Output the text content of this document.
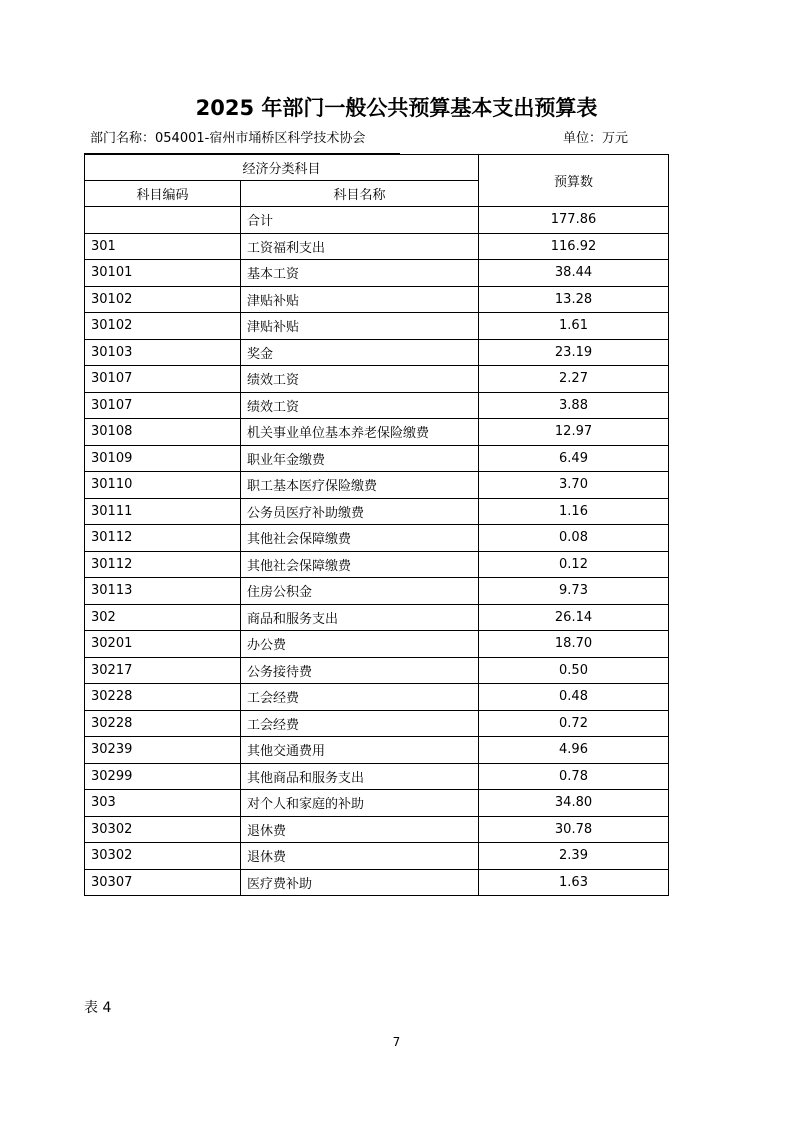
2025 年部门一般公共预算基本支出预算表
部门名称：054001-宿州市埇桥区科学技术协会	单位：万元
经济分类科目		预算数
科目编码	科目名称	
	合计	177.86
301	工资福利支出	116.92
30101	基本工资	38.44
30102	津贴补贴	13.28
30102	津贴补贴	1.61
30103	奖金	23.19
30107	绩效工资	2.27
30107	绩效工资	3.88
30108	机关事业单位基本养老保险缴费	12.97
30109	职业年金缴费	6.49
30110	职工基本医疗保险缴费	3.70
30111	公务员医疗补助缴费	1.16
30112	其他社会保障缴费	0.08
30112	其他社会保障缴费	0.12
30113	住房公积金	9.73
302	商品和服务支出	26.14
30201	办公费	18.70
30217	公务接待费	0.50
30228	工会经费	0.48
30228	工会经费	0.72
30239	其他交通费用	4.96
30299	其他商品和服务支出	0.78
303	对个人和家庭的补助	34.80
30302	退休费	30.78
30302	退休费	2.39
30307	医疗费补助	1.63
表 4
7
